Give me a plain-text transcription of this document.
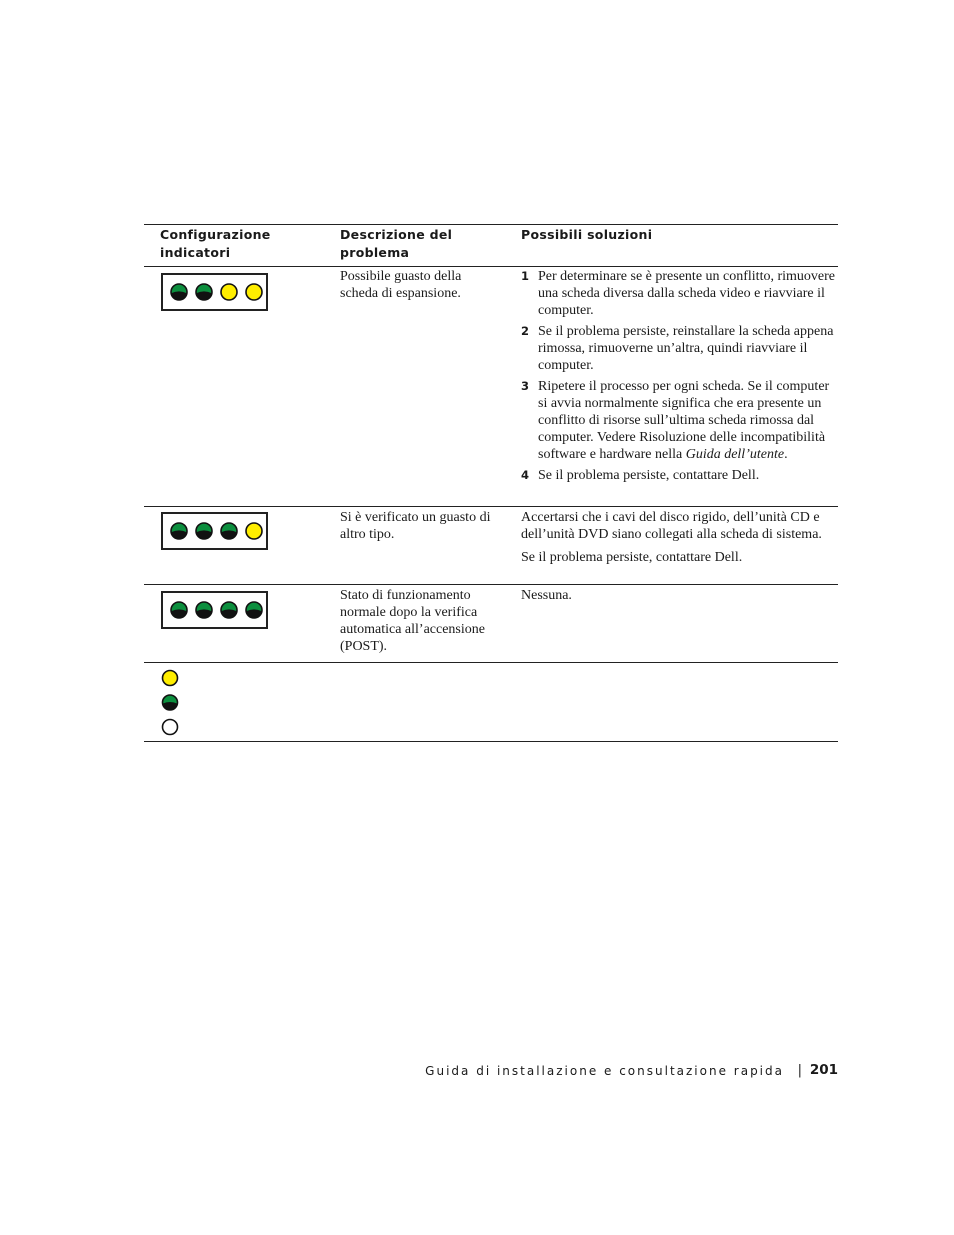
Configurazione
indicatori
Descrizione del
problema
Possibili soluzioni
Possibile guasto della scheda di espansione.
1 Per determinare se è presente un conflitto, rimuovere una scheda diversa dalla scheda video e riavviare il computer.
2 Se il problema persiste, reinstallare la scheda appena rimossa, rimuoverne un’altra, quindi riavviare il computer.
3 Ripetere il processo per ogni scheda. Se il computer si avvia normalmente significa che era presente un conflitto di risorse sull’ultima scheda rimossa dal computer. Vedere Risoluzione delle incompatibilità software e hardware nella Guida dell’utente.
4 Se il problema persiste, contattare Dell.
Si è verificato un guasto di altro tipo.

Accertarsi che i cavi del disco rigido, dell’unità CD e dell’unità DVD siano collegati alla scheda di sistema.

Se il problema persiste, contattare Dell.

Stato di funzionamento normale dopo la verifica automatica all’accensione (POST).
Nessuna.
Guida di installazione e consultazione rapida | 201
